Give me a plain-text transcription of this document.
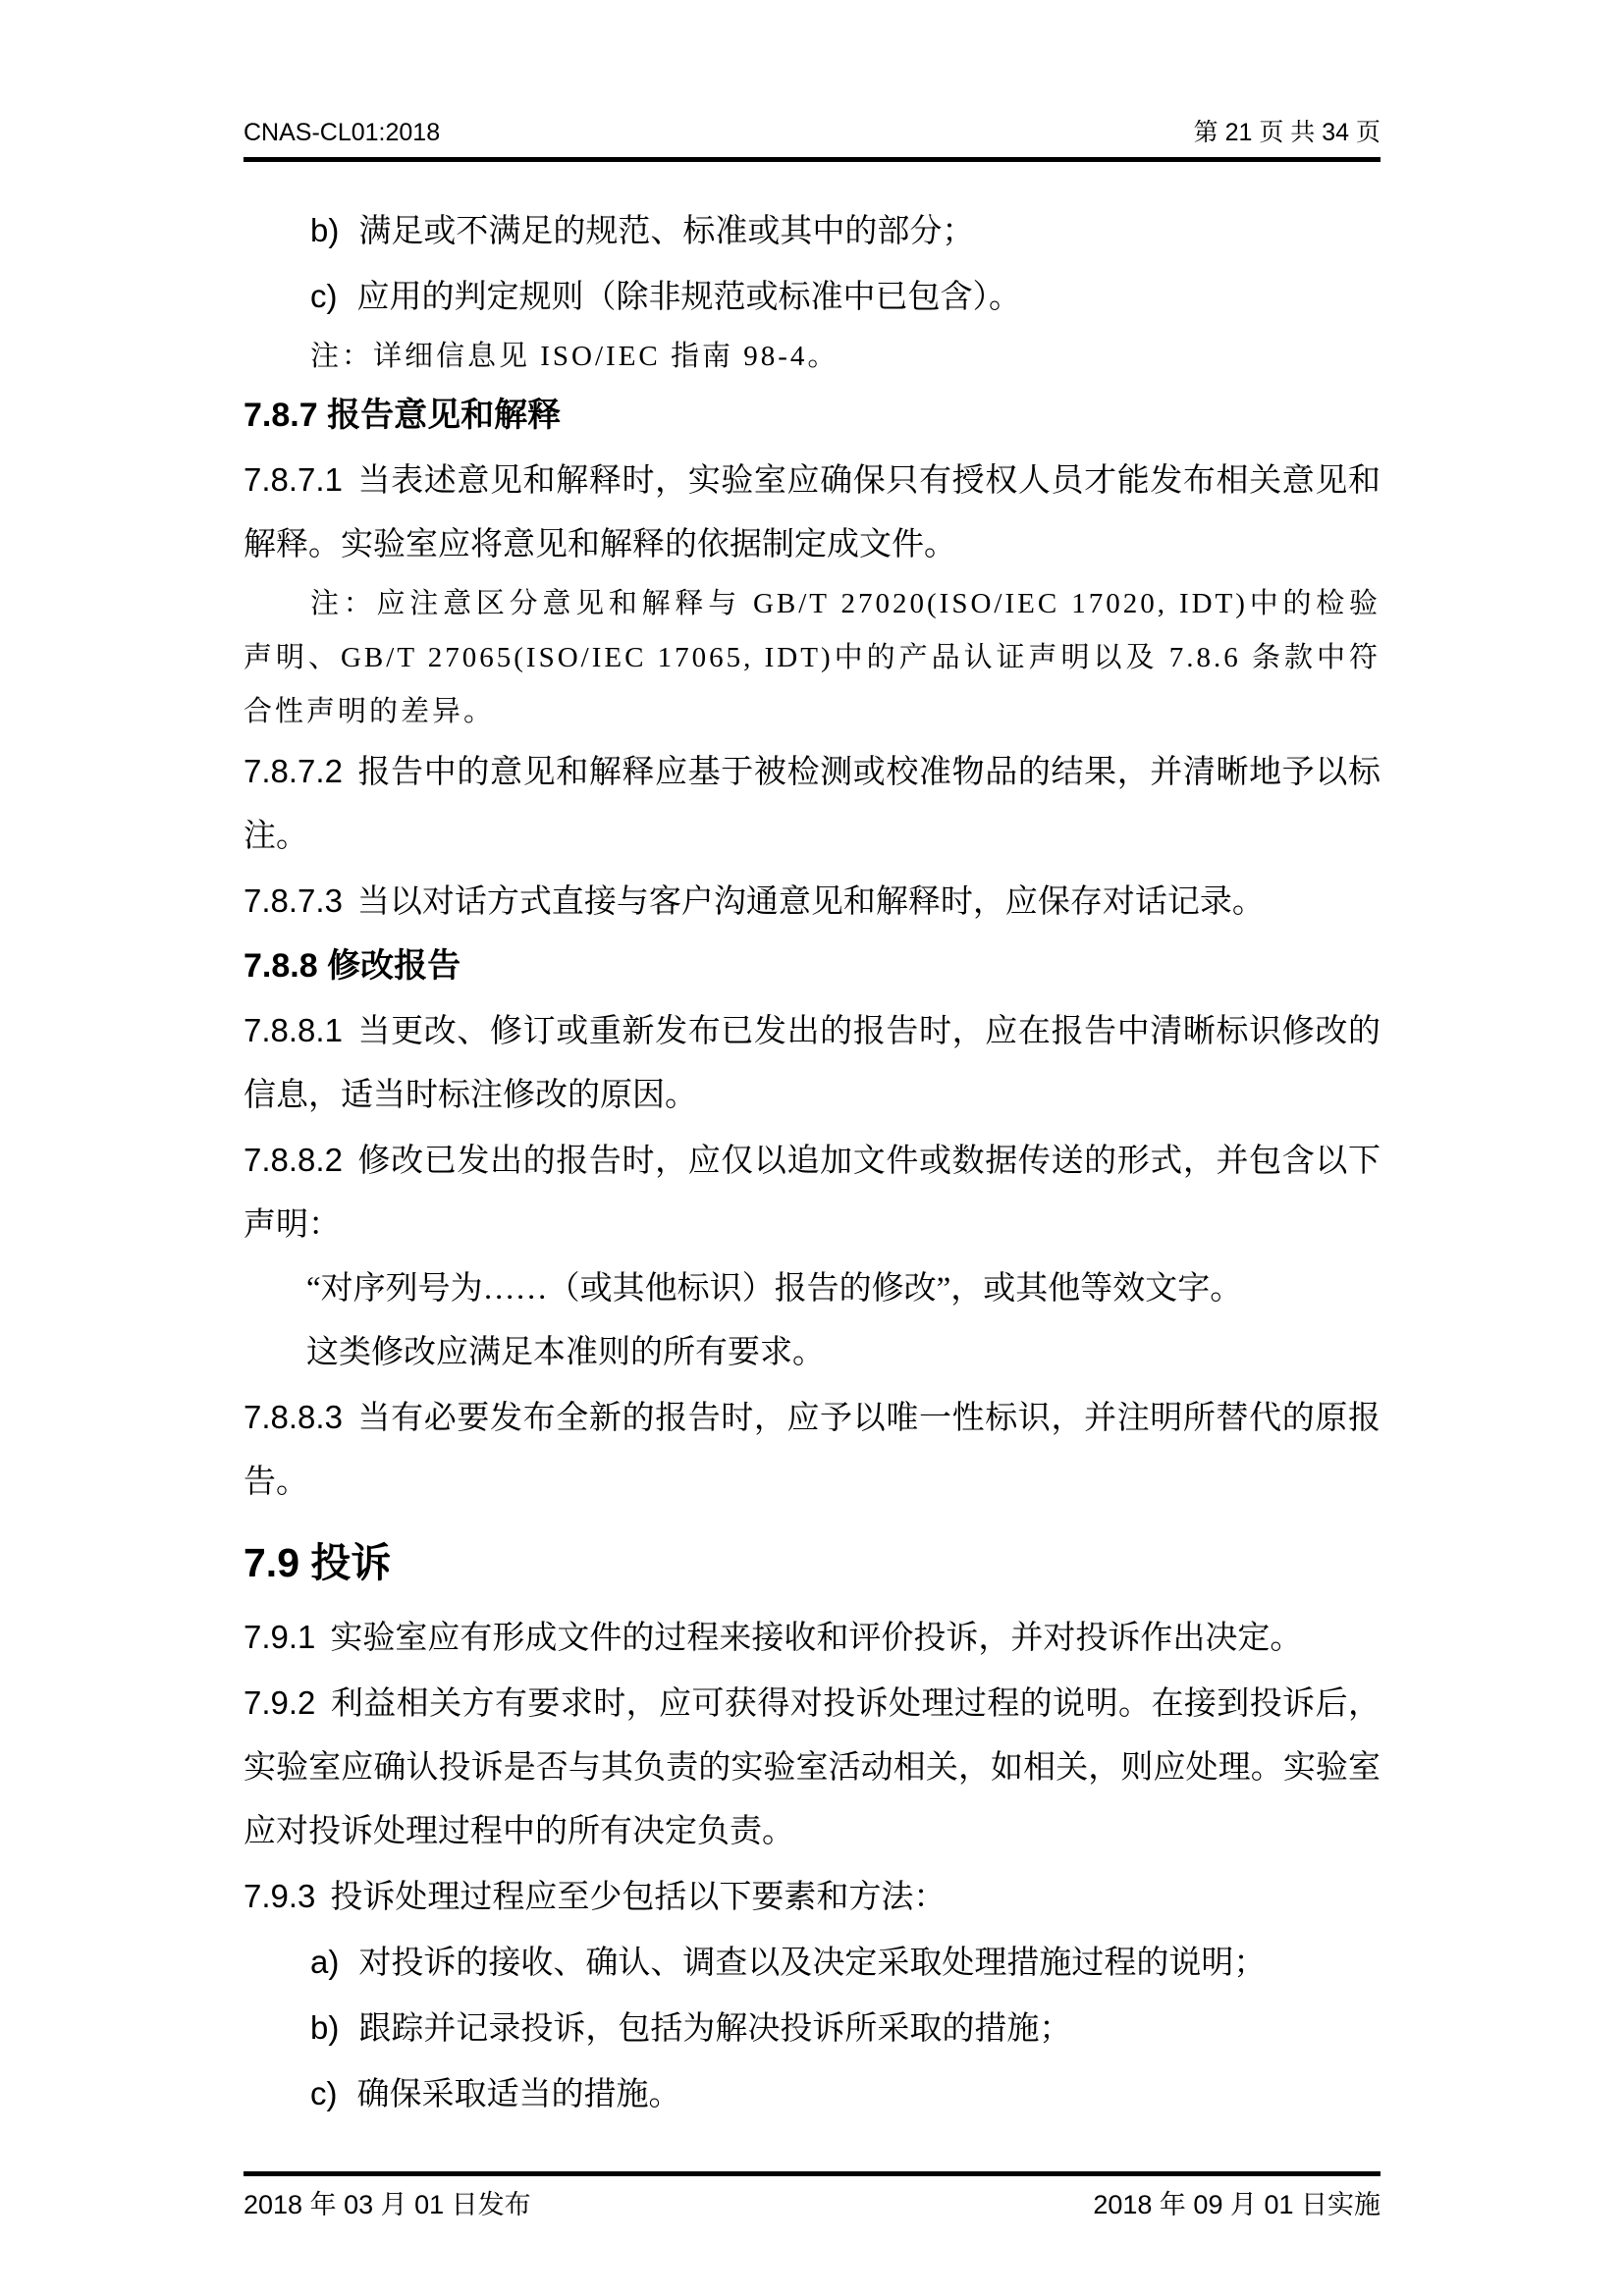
CNAS-CL01:2018	第 21 页 共 34 页
b) 满足或不满足的规范、标准或其中的部分；
c) 应用的判定规则（除非规范或标准中已包含）。
注：详细信息见 ISO/IEC 指南 98-4。
7.8.7 报告意见和解释
7.8.7.1 当表述意见和解释时，实验室应确保只有授权人员才能发布相关意见和
解释。实验室应将意见和解释的依据制定成文件。
注：应注意区分意见和解释与 GB/T 27020(ISO/IEC 17020, IDT)中的检验
声明、GB/T 27065(ISO/IEC 17065, IDT)中的产品认证声明以及 7.8.6 条款中符
合性声明的差异。
7.8.7.2 报告中的意见和解释应基于被检测或校准物品的结果，并清晰地予以标
注。
7.8.7.3 当以对话方式直接与客户沟通意见和解释时，应保存对话记录。
7.8.8 修改报告
7.8.8.1 当更改、修订或重新发布已发出的报告时，应在报告中清晰标识修改的
信息，适当时标注修改的原因。
7.8.8.2 修改已发出的报告时，应仅以追加文件或数据传送的形式，并包含以下
声明：
“对序列号为……（或其他标识）报告的修改”，或其他等效文字。
这类修改应满足本准则的所有要求。
7.8.8.3 当有必要发布全新的报告时，应予以唯一性标识，并注明所替代的原报
告。
7.9 投诉
7.9.1 实验室应有形成文件的过程来接收和评价投诉，并对投诉作出决定。
7.9.2 利益相关方有要求时，应可获得对投诉处理过程的说明。在接到投诉后，
实验室应确认投诉是否与其负责的实验室活动相关，如相关，则应处理。实验室
应对投诉处理过程中的所有决定负责。
7.9.3 投诉处理过程应至少包括以下要素和方法：
a) 对投诉的接收、确认、调查以及决定采取处理措施过程的说明；
b) 跟踪并记录投诉，包括为解决投诉所采取的措施；
c) 确保采取适当的措施。
2018 年 03 月 01 日发布	2018 年 09 月 01 日实施
